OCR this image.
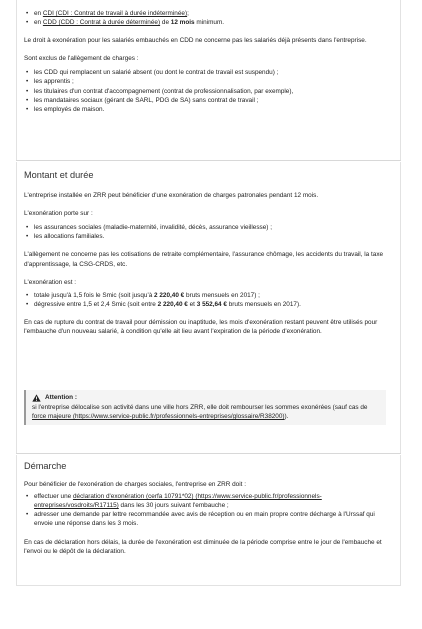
• en CDI (CDI : Contrat de travail à durée indéterminée);
• en CDD (CDD : Contrat à durée déterminée) de 12 mois minimum.

Le droit à exonération pour les salariés embauchés en CDD ne concerne pas les salariés déjà présents dans l'entreprise.

Sont exclus de l'allègement de charges :

• les CDD qui remplacent un salarié absent (ou dont le contrat de travail est suspendu) ;
• les apprentis ;
• les titulaires d'un contrat d'accompagnement (contrat de professionnalisation, par exemple),
• les mandataires sociaux (gérant de SARL, PDG de SA) sans contrat de travail ;
• les employés de maison.
Montant et durée

L'entreprise installée en ZRR peut bénéficier d'une exonération de charges patronales pendant 12 mois.

L'exonération porte sur :

• les assurances sociales (maladie-maternité, invalidité, décès, assurance vieillesse) ;
• les allocations familiales.

L'allègement ne concerne pas les cotisations de retraite complémentaire, l'assurance chômage, les accidents du travail, la taxe d'apprentissage, la CSG-CRDS, etc.

L'exonération est :

• totale jusqu'à 1,5 fois le Smic (soit jusqu'à 2 220,40 € bruts mensuels en 2017) ;
• dégressive entre 1,5 et 2,4 Smic (soit entre 2 220,40 € et 3 552,64 € bruts mensuels en 2017).

En cas de rupture du contrat de travail pour démission ou inaptitude, les mois d'exonération restant peuvent être utilisés pour l'embauche d'un nouveau salarié, à condition qu'elle ait lieu avant l'expiration de la période d'exonération.

Attention :

si l'entreprise délocalise son activité dans une ville hors ZRR, elle doit rembourser les sommes exonérées (sauf cas de force majeure (https://www.service-public.fr/professionnels-entreprises/glossaire/R38200)).

Démarche

Pour bénéficier de l'exonération de charges sociales, l'entreprise en ZRR doit :

• effectuer une déclaration d'exonération (cerfa 10791*02) (https://www.service-public.fr/professionnels-entreprises/vosdroits/R17115) dans les 30 jours suivant l'embauche ;
• adresser une demande par lettre recommandée avec avis de réception ou en main propre contre décharge à l'Urssaf qui envoie une réponse dans les 3 mois.

En cas de déclaration hors délais, la durée de l'exonération est diminuée de la période comprise entre le jour de l'embauche et l'envoi ou le dépôt de la déclaration.
